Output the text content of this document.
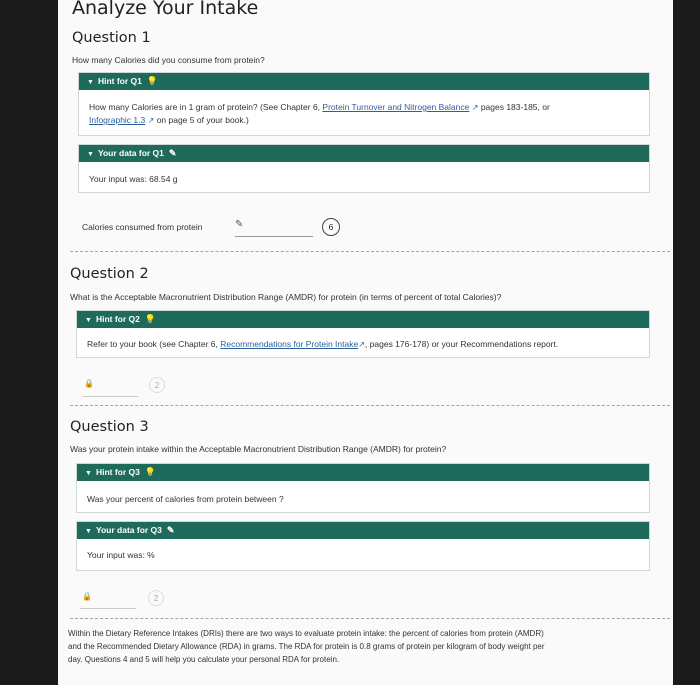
Analyze Your Intake
Question 1
How many Calories did you consume from protein?
▼ Hint for Q1 💡
How many Calories are in 1 gram of protein? (See Chapter 6, Protein Turnover and Nitrogen Balance ↗ pages 183-185, or
Infographic 1.3 ↗ on page 5 of your book.)
▼ Your data for Q1 ✎
Your input was: 68.54 g
Calories consumed from protein	✎	6
Question 2
What is the Acceptable Macronutrient Distribution Range (AMDR) for protein (in terms of percent of total Calories)?
▼ Hint for Q2 💡
Refer to your book (see Chapter 6, Recommendations for Protein Intake↗, pages 176-178) or your Recommendations report.
🔒	2
Question 3
Was your protein intake within the Acceptable Macronutrient Distribution Range (AMDR) for protein?
▼ Hint for Q3 💡
Was your percent of calories from protein between ?
▼ Your data for Q3 ✎
Your input was: %
🔒	2
Within the Dietary Reference Intakes (DRIs) there are two ways to evaluate protein intake: the percent of calories from protein (AMDR)
and the Recommended Dietary Allowance (RDA) in grams. The RDA for protein is 0.8 grams of protein per kilogram of body weight per
day. Questions 4 and 5 will help you calculate your personal RDA for protein.
